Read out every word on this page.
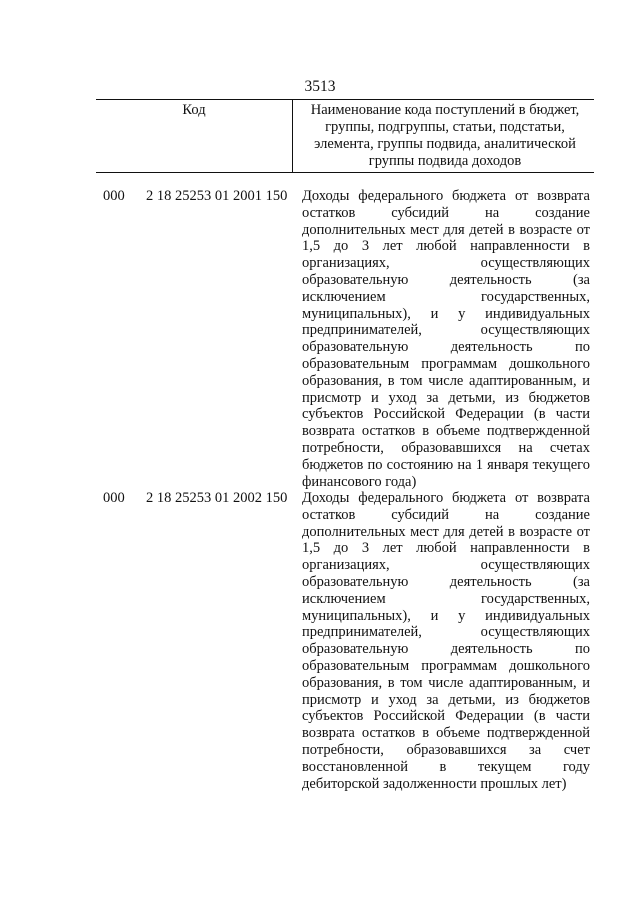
3513
Код	Наименование кода поступлений в бюджет, группы, подгруппы, статьи, подстатьи, элемента, группы подвида, аналитической группы подвида доходов
000 2 18 25253 01 2001 150 Доходы федерального бюджета от возврата
остатков субсидий на создание
дополнительных мест для детей в возрасте от
1,5 до 3 лет любой направленности в
организациях, осуществляющих
образовательную деятельность (за
исключением государственных,
муниципальных), и у индивидуальных
предпринимателей, осуществляющих
образовательную деятельность по
образовательным программам дошкольного
образования, в том числе адаптированным, и
присмотр и уход за детьми, из бюджетов
субъектов Российской Федерации (в части
возврата остатков в объеме подтвержденной
потребности, образовавшихся на счетах
бюджетов по состоянию на 1 января текущего
финансового года)
000 2 18 25253 01 2002 150 Доходы федерального бюджета от возврата
остатков субсидий на создание
дополнительных мест для детей в возрасте от
1,5 до 3 лет любой направленности в
организациях, осуществляющих
образовательную деятельность (за
исключением государственных,
муниципальных), и у индивидуальных
предпринимателей, осуществляющих
образовательную деятельность по
образовательным программам дошкольного
образования, в том числе адаптированным, и
присмотр и уход за детьми, из бюджетов
субъектов Российской Федерации (в части
возврата остатков в объеме подтвержденной
потребности, образовавшихся за счет
восстановленной в текущем году
дебиторской задолженности прошлых лет)
